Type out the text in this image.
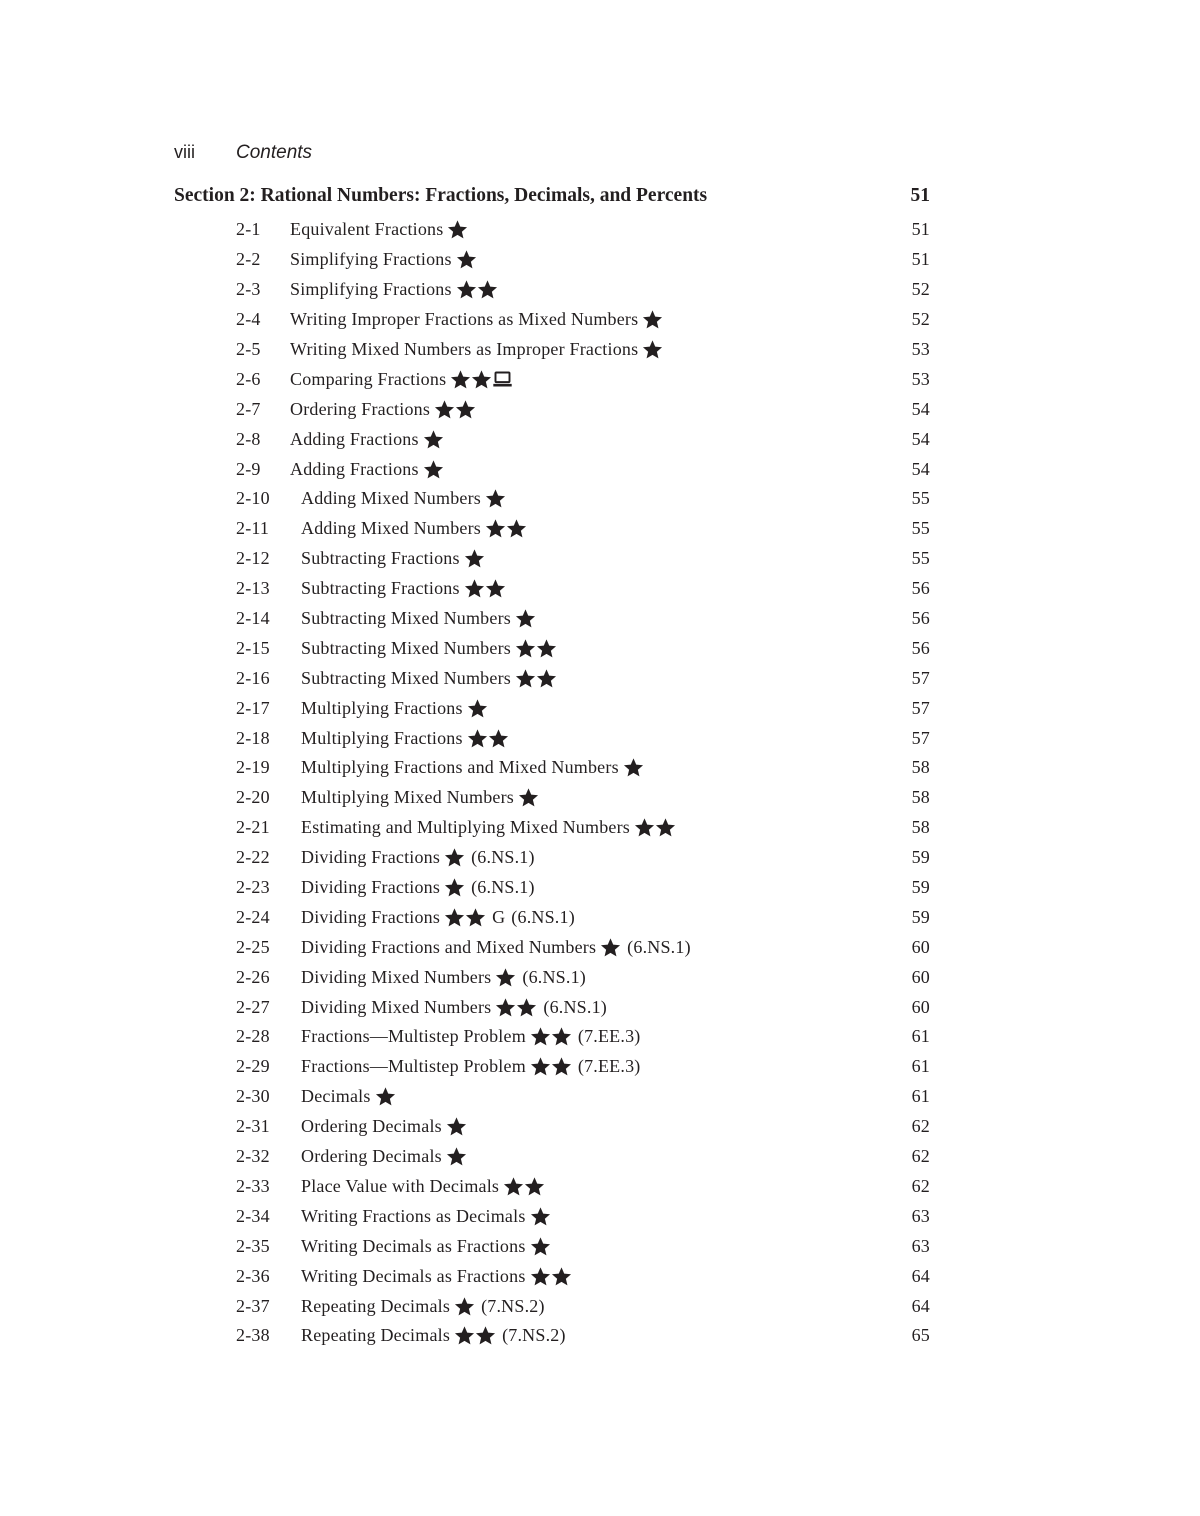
viii	Contents
Section 2: Rational Numbers: Fractions, Decimals, and Percents	51
2-1	Equivalent Fractions	51
2-2	Simplifying Fractions	51
2-3	Simplifying Fractions	52
2-4	Writing Improper Fractions as Mixed Numbers	52
2-5	Writing Mixed Numbers as Improper Fractions	53
2-6	Comparing Fractions	53
2-7	Ordering Fractions	54
2-8	Adding Fractions	54
2-9	Adding Fractions	54
2-10	Adding Mixed Numbers	55
2-11	Adding Mixed Numbers	55
2-12	Subtracting Fractions	55
2-13	Subtracting Fractions	56
2-14	Subtracting Mixed Numbers	56
2-15	Subtracting Mixed Numbers	56
2-16	Subtracting Mixed Numbers	57
2-17	Multiplying Fractions	57
2-18	Multiplying Fractions	57
2-19	Multiplying Fractions and Mixed Numbers	58
2-20	Multiplying Mixed Numbers	58
2-21	Estimating and Multiplying Mixed Numbers	58
2-22	Dividing Fractions (6.NS.1)	59
2-23	Dividing Fractions (6.NS.1)	59
2-24	Dividing Fractions	G (6.NS.1)	59
2-25	Dividing Fractions and Mixed Numbers (6.NS.1)	60
2-26	Dividing Mixed Numbers (6.NS.1)	60
2-27	Dividing Mixed Numbers	(6.NS.1)	60
2-28	Fractions—Multistep Problem	(7.EE.3)	61
2-29	Fractions—Multistep Problem	(7.EE.3)	61
2-30	Decimals	61
2-31	Ordering Decimals	62
2-32	Ordering Decimals	62
2-33	Place Value with Decimals	62
2-34	Writing Fractions as Decimals	63
2-35	Writing Decimals as Fractions	63
2-36	Writing Decimals as Fractions	64
2-37	Repeating Decimals (7.NS.2)	64
2-38	Repeating Decimals	(7.NS.2)	65
